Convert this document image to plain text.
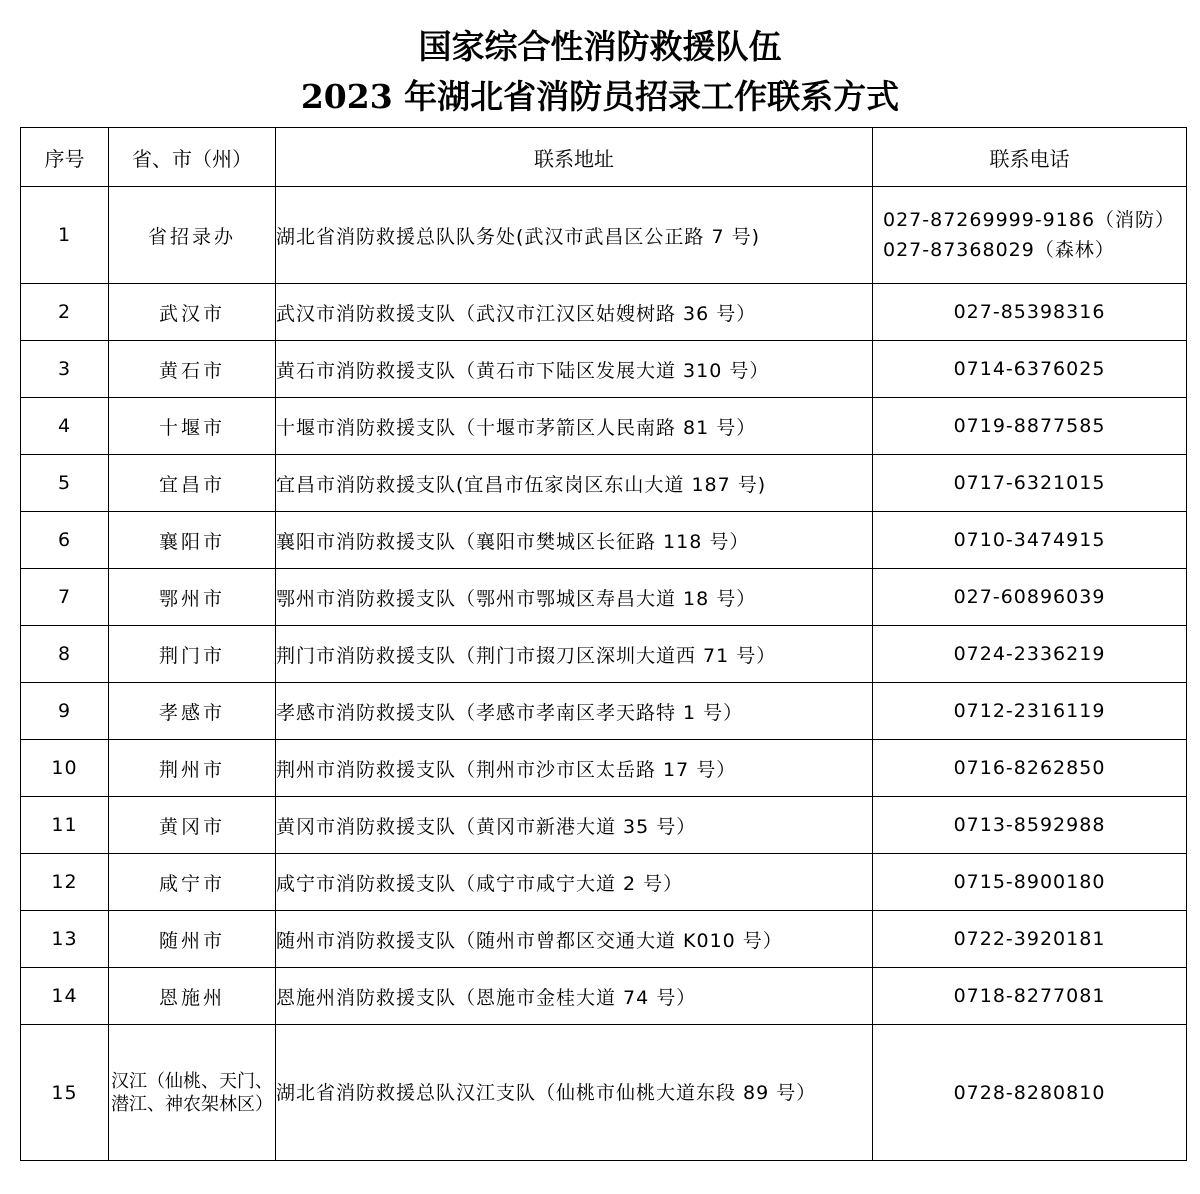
国家综合性消防救援队伍
2023 年湖北省消防员招录工作联系方式
序号	省、市（州）	联系地址	联系电话
1	省招录办	湖北省消防救援总队队务处(武汉市武昌区公正路 7 号)	027-87269999-9186（消防）
027-87368029（森林）

2	武汉市	武汉市消防救援支队（武汉市江汉区姑嫂树路 36 号）	027-85398316
3	黄石市	黄石市消防救援支队（黄石市下陆区发展大道 310 号）	0714-6376025
4	十堰市	十堰市消防救援支队（十堰市茅箭区人民南路 81 号）	0719-8877585
5	宜昌市	宜昌市消防救援支队(宜昌市伍家岗区东山大道 187 号)	0717-6321015
6	襄阳市	襄阳市消防救援支队（襄阳市樊城区长征路 118 号）	0710-3474915
7	鄂州市	鄂州市消防救援支队（鄂州市鄂城区寿昌大道 18 号）	027-60896039
8	荆门市	荆门市消防救援支队（荆门市掇刀区深圳大道西 71 号）	0724-2336219
9	孝感市	孝感市消防救援支队（孝感市孝南区孝天路特 1 号）	0712-2316119
10	荆州市	荆州市消防救援支队（荆州市沙市区太岳路 17 号）	0716-8262850
11	黄冈市	黄冈市消防救援支队（黄冈市新港大道 35 号）	0713-8592988
12	咸宁市	咸宁市消防救援支队（咸宁市咸宁大道 2 号）	0715-8900180
13	随州市	随州市消防救援支队（随州市曾都区交通大道 K010 号）	0722-3920181
14	恩施州	恩施州消防救援支队（恩施市金桂大道 74 号）	0718-8277081
15	汉江（仙桃、天门、潜江、神农架林区）	湖北省消防救援总队汉江支队（仙桃市仙桃大道东段 89 号）	0728-8280810
